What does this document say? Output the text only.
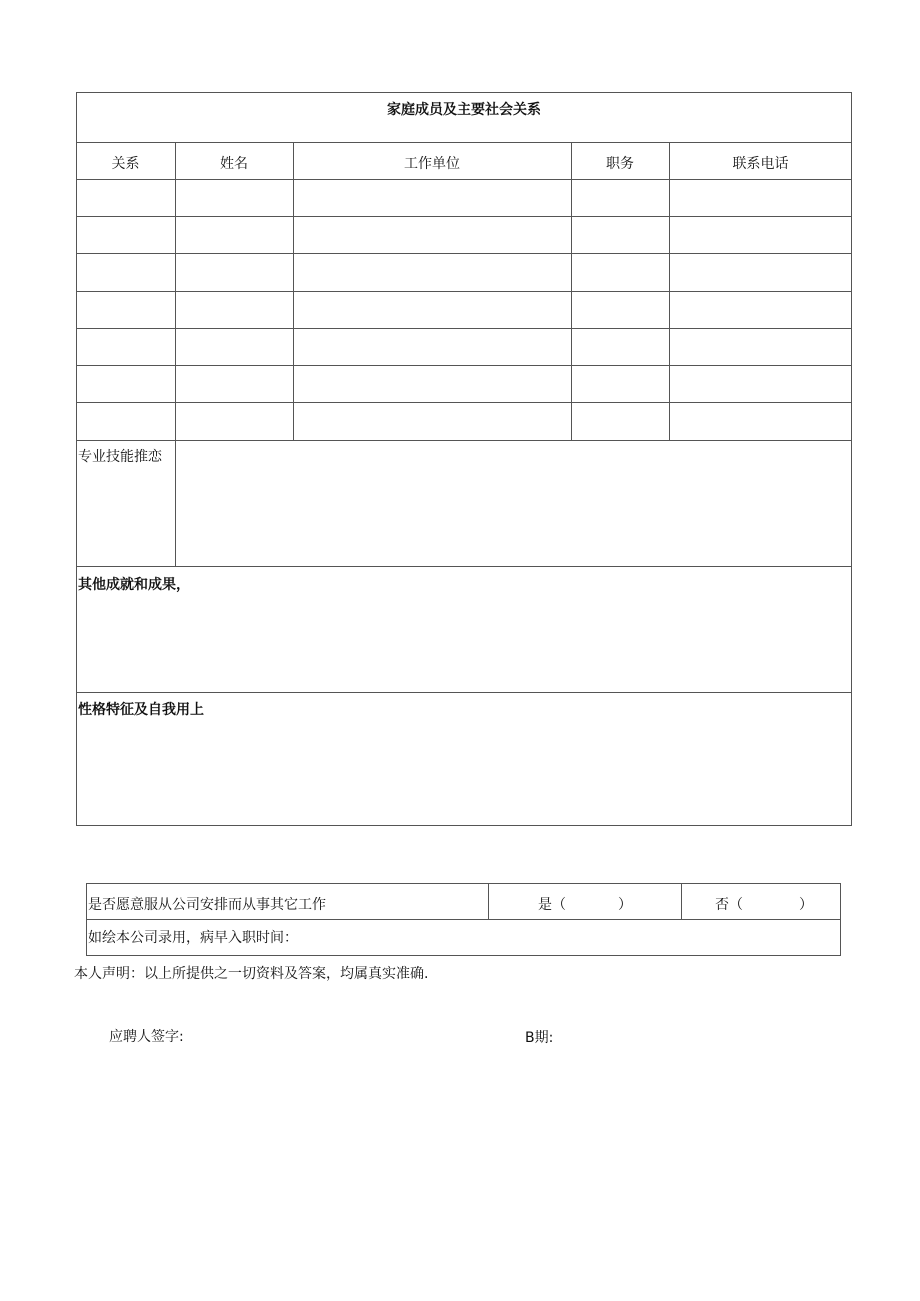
家庭成员及主要社会关系
关系	姓名	工作单位	职务	联系电话
专业技能推恋
其他成就和成果，
性格特征及自我用上
是否愿意服从公司安排而从事其它工作	是（	）	否（	）
如绘本公司录用，病早入职时间：
本人声明：以上所提供之一切资料及答案，均属真实准确.
应聘人签字:	B期:
